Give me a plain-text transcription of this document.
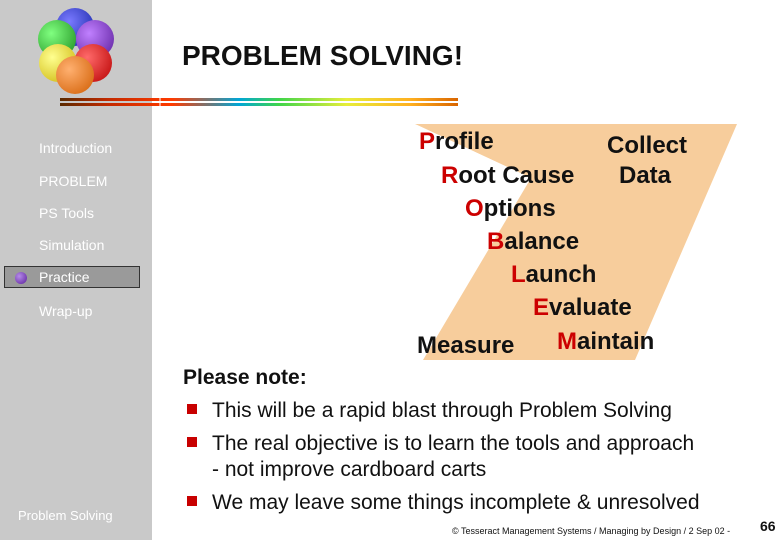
Introduction
PROBLEM
PS Tools
Simulation
Practice
Wrap-up
Problem Solving
PROBLEM SOLVING!
Profile	Collect
Root Cause Data
Options
Balance
Launch
Evaluate
Measure Maintain
Please note:
This will be a rapid blast through Problem Solving
The real objective is to learn the tools and approach
- not improve cardboard carts
We may leave some things incomplete & unresolved
© Tesseract Management Systems / Managing by Design / 2 Sep 02 - 66
